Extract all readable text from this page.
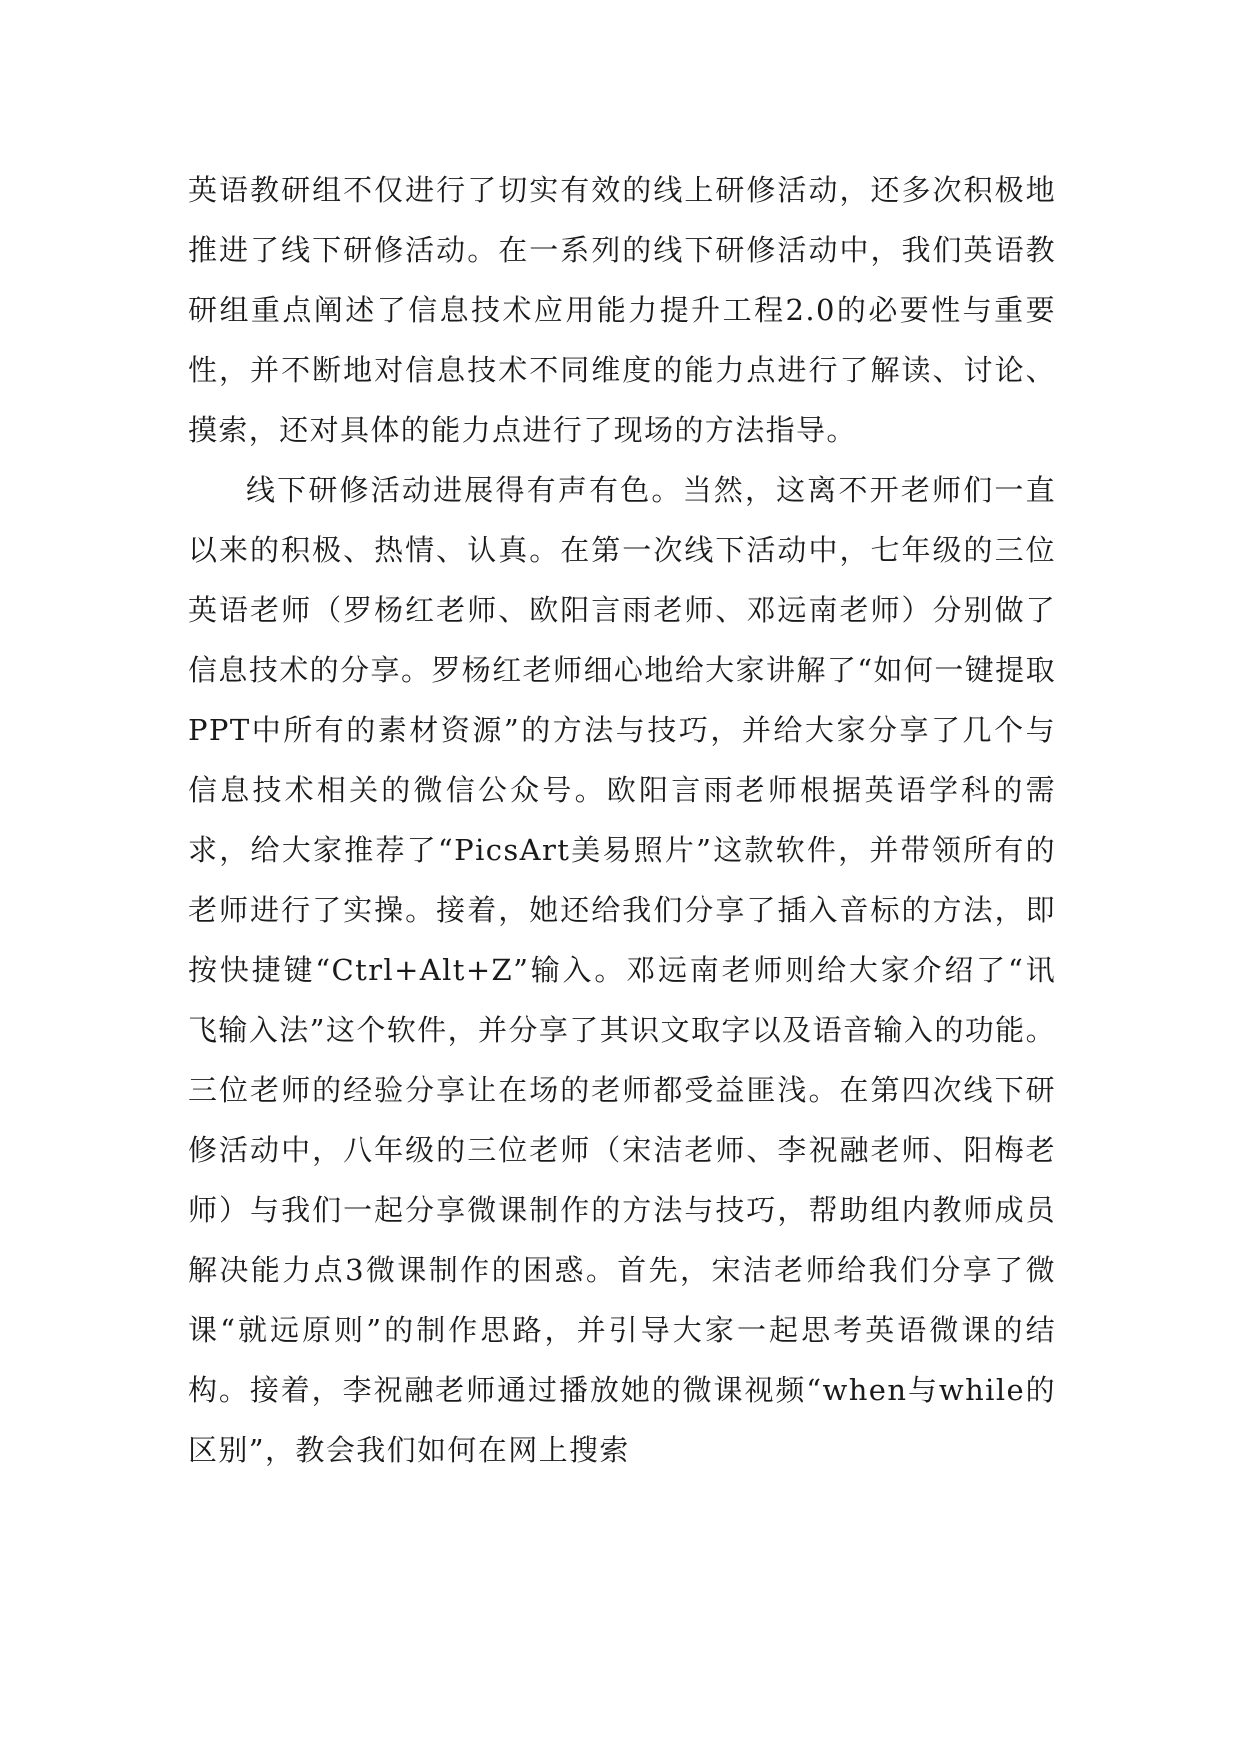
英语教研组不仅进行了切实有效的线上研修活动，还多次积极地推进了线下研修活动。在一系列的线下研修活动中，我们英语教研组重点阐述了信息技术应用能力提升工程2.0的必要性与重要性，并不断地对信息技术不同维度的能力点进行了解读、讨论、摸索，还对具体的能力点进行了现场的方法指导。

线下研修活动进展得有声有色。当然，这离不开老师们一直以来的积极、热情、认真。在第一次线下活动中，七年级的三位英语老师（罗杨红老师、欧阳言雨老师、邓远南老师）分别做了信息技术的分享。罗杨红老师细心地给大家讲解了“如何一键提取PPT中所有的素材资源”的方法与技巧，并给大家分享了几个与信息技术相关的微信公众号。欧阳言雨老师根据英语学科的需求，给大家推荐了“PicsArt美易照片”这款软件，并带领所有的老师进行了实操。接着，她还给我们分享了插入音标的方法，即按快捷键“Ctrl+Alt+Z”输入。邓远南老师则给大家介绍了“讯飞输入法”这个软件，并分享了其识文取字以及语音输入的功能。三位老师的经验分享让在场的老师都受益匪浅。在第四次线下研修活动中，八年级的三位老师（宋洁老师、李祝融老师、阳梅老师）与我们一起分享微课制作的方法与技巧，帮助组内教师成员解决能力点3微课制作的困惑。首先，宋洁老师给我们分享了微课“就远原则”的制作思路，并引导大家一起思考英语微课的结构。接着，李祝融老师通过播放她的微课视频“when与while的区别”，教会我们如何在网上搜索
